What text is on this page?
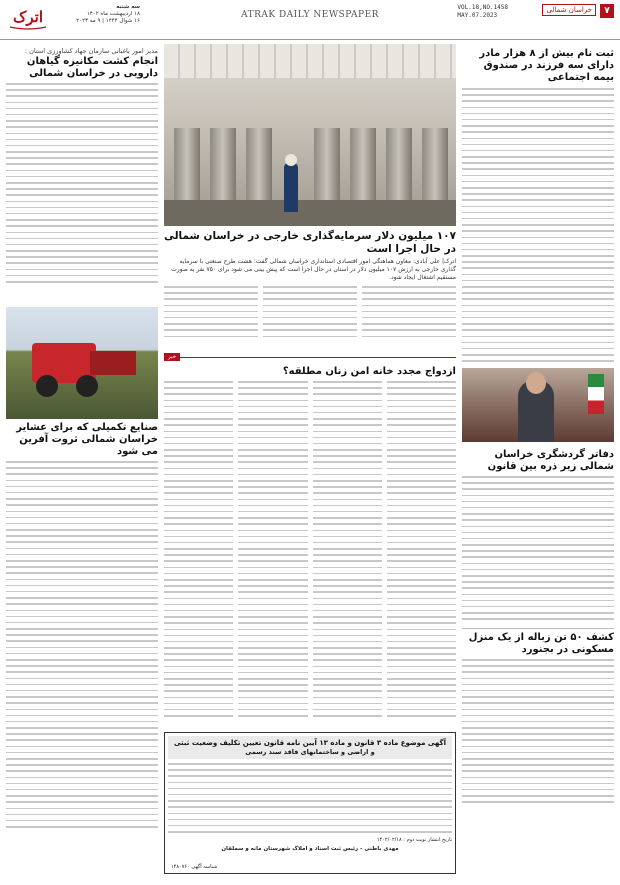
۷
خراسان شمالی
VOL.18,NO.1458
MAY.07.2023
ATRAK DAILY NEWSPAPER
سه شنبه
۱۸ اردیبهشت ماه ۱۴۰۲
۱۶ شوال ۱۴۴۴ | ۹ مه ۲۰۲۳
اترک
ثبت نام بیش از ۸ هزار مادر دارای سه فرزند در صندوق بیمه اجتماعی
دفاتر گردشگری خراسان شمالی زیر ذره بین قانون
کشف ۵۰ تن زباله از یک منزل مسکونی در بجنورد
۱۰۷ میلیون دلار سرمایه‌گذاری خارجی در خراسان شمالی در حال اجرا است

اترک| علی آبادی: معاون هماهنگی امور اقتصادی استانداری خراسان شمالی گفت: هشت طرح صنعتی با سرمایه گذاری خارجی به ارزش ۱۰۷ میلیون دلار در استان در حال اجرا است که پیش بینی می شود برای ۷۵۰ نفر به صورت مستقیم اشتغال ایجاد شود.

خبر
ازدواج مجدد خانه امن زنان مطلقه؟
آگهی موضوع ماده ۳ قانون و ماده ۱۳ آیین نامه قانون تعیین تکلیف وضعیت ثبتی
و اراضی و ساختمانهای فاقد سند رسمی
تاریخ انتشار نوبت دوم : ۱۴۰۲/۰۲/۱۸
مهدی باطنی - رئیس ثبت اسناد و املاک شهرستان مانه و سملقان
شناسه آگهی ۱۴۸۰۷۶۰
مدیر امور باغبانی سازمان جهاد کشاورزی استان :
انجام کشت مکانیزه گیاهان دارویی در خراسان شمالی
صنایع تکمیلی که برای عشایر خراسان شمالی ثروت آفرین می شود
